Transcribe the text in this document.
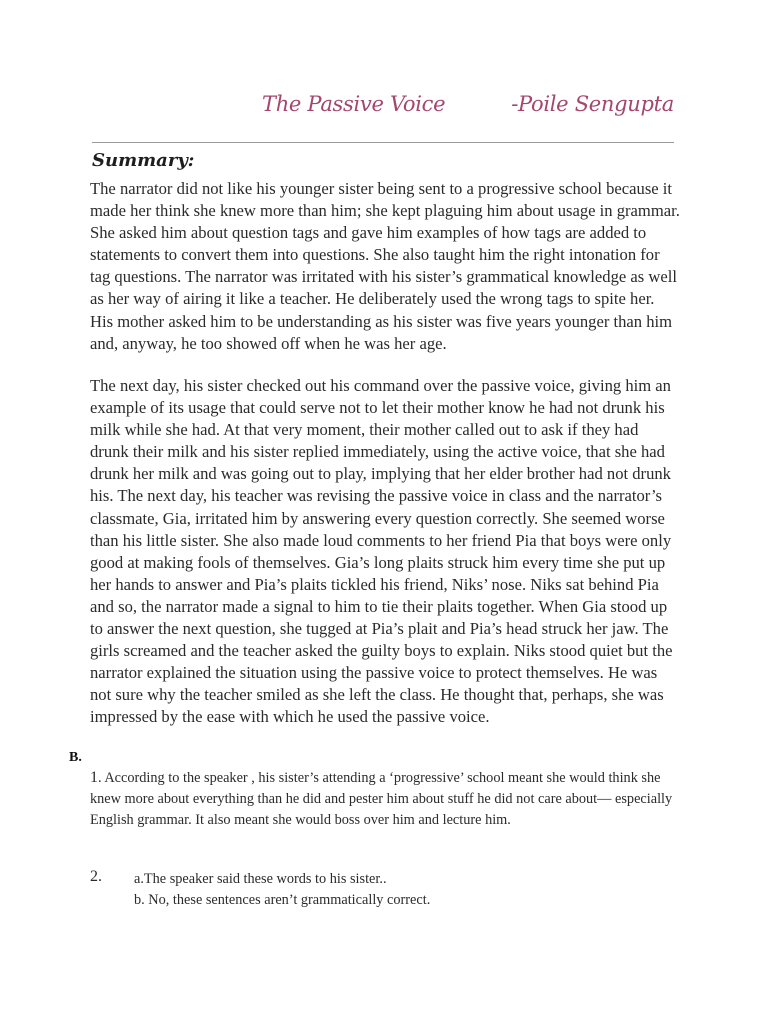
The Passive Voice	-Poile Sengupta
Summary:

The narrator did not like his younger sister being sent to a progressive school because it made her think she knew more than him; she kept plaguing him about usage in grammar. She asked him about question tags and gave him examples of how tags are added to statements to convert them into questions. She also taught him the right intonation for tag questions. The narrator was irritated with his sister’s grammatical knowledge as well as her way of airing it like a teacher. He deliberately used the wrong tags to spite her. His mother asked him to be understanding as his sister was five years younger than him and, anyway, he too showed off when he was her age.

The next day, his sister checked out his command over the passive voice, giving him an example of its usage that could serve not to let their mother know he had not drunk his milk while she had. At that very moment, their mother called out to ask if they had drunk their milk and his sister replied immediately, using the active voice, that she had drunk her milk and was going out to play, implying that her elder brother had not drunk his. The next day, his teacher was revising the passive voice in class and the narrator’s classmate, Gia, irritated him by answering every question correctly. She seemed worse than his little sister. She also made loud comments to her friend Pia that boys were only good at making fools of themselves. Gia’s long plaits struck him every time she put up her hands to answer and Pia’s plaits tickled his friend, Niks’ nose. Niks sat behind Pia and so, the narrator made a signal to him to tie their plaits together. When Gia stood up to answer the next question, she tugged at Pia’s plait and Pia’s head struck her jaw. The girls screamed and the teacher asked the guilty boys to explain. Niks stood quiet but the narrator explained the situation using the passive voice to protect themselves. He was not sure why the teacher smiled as she left the class. He thought that, perhaps, she was impressed by the ease with which he used the passive voice.

B.
1. According to the speaker , his sister’s attending a ‘progressive’ school meant she would think she knew more about everything than he did and pester him about stuff he did not care about— especially English grammar. It also meant she would boss over him and lecture him.
2. a.The speaker said these words to his sister..
b. No, these sentences aren’t grammatically correct.
